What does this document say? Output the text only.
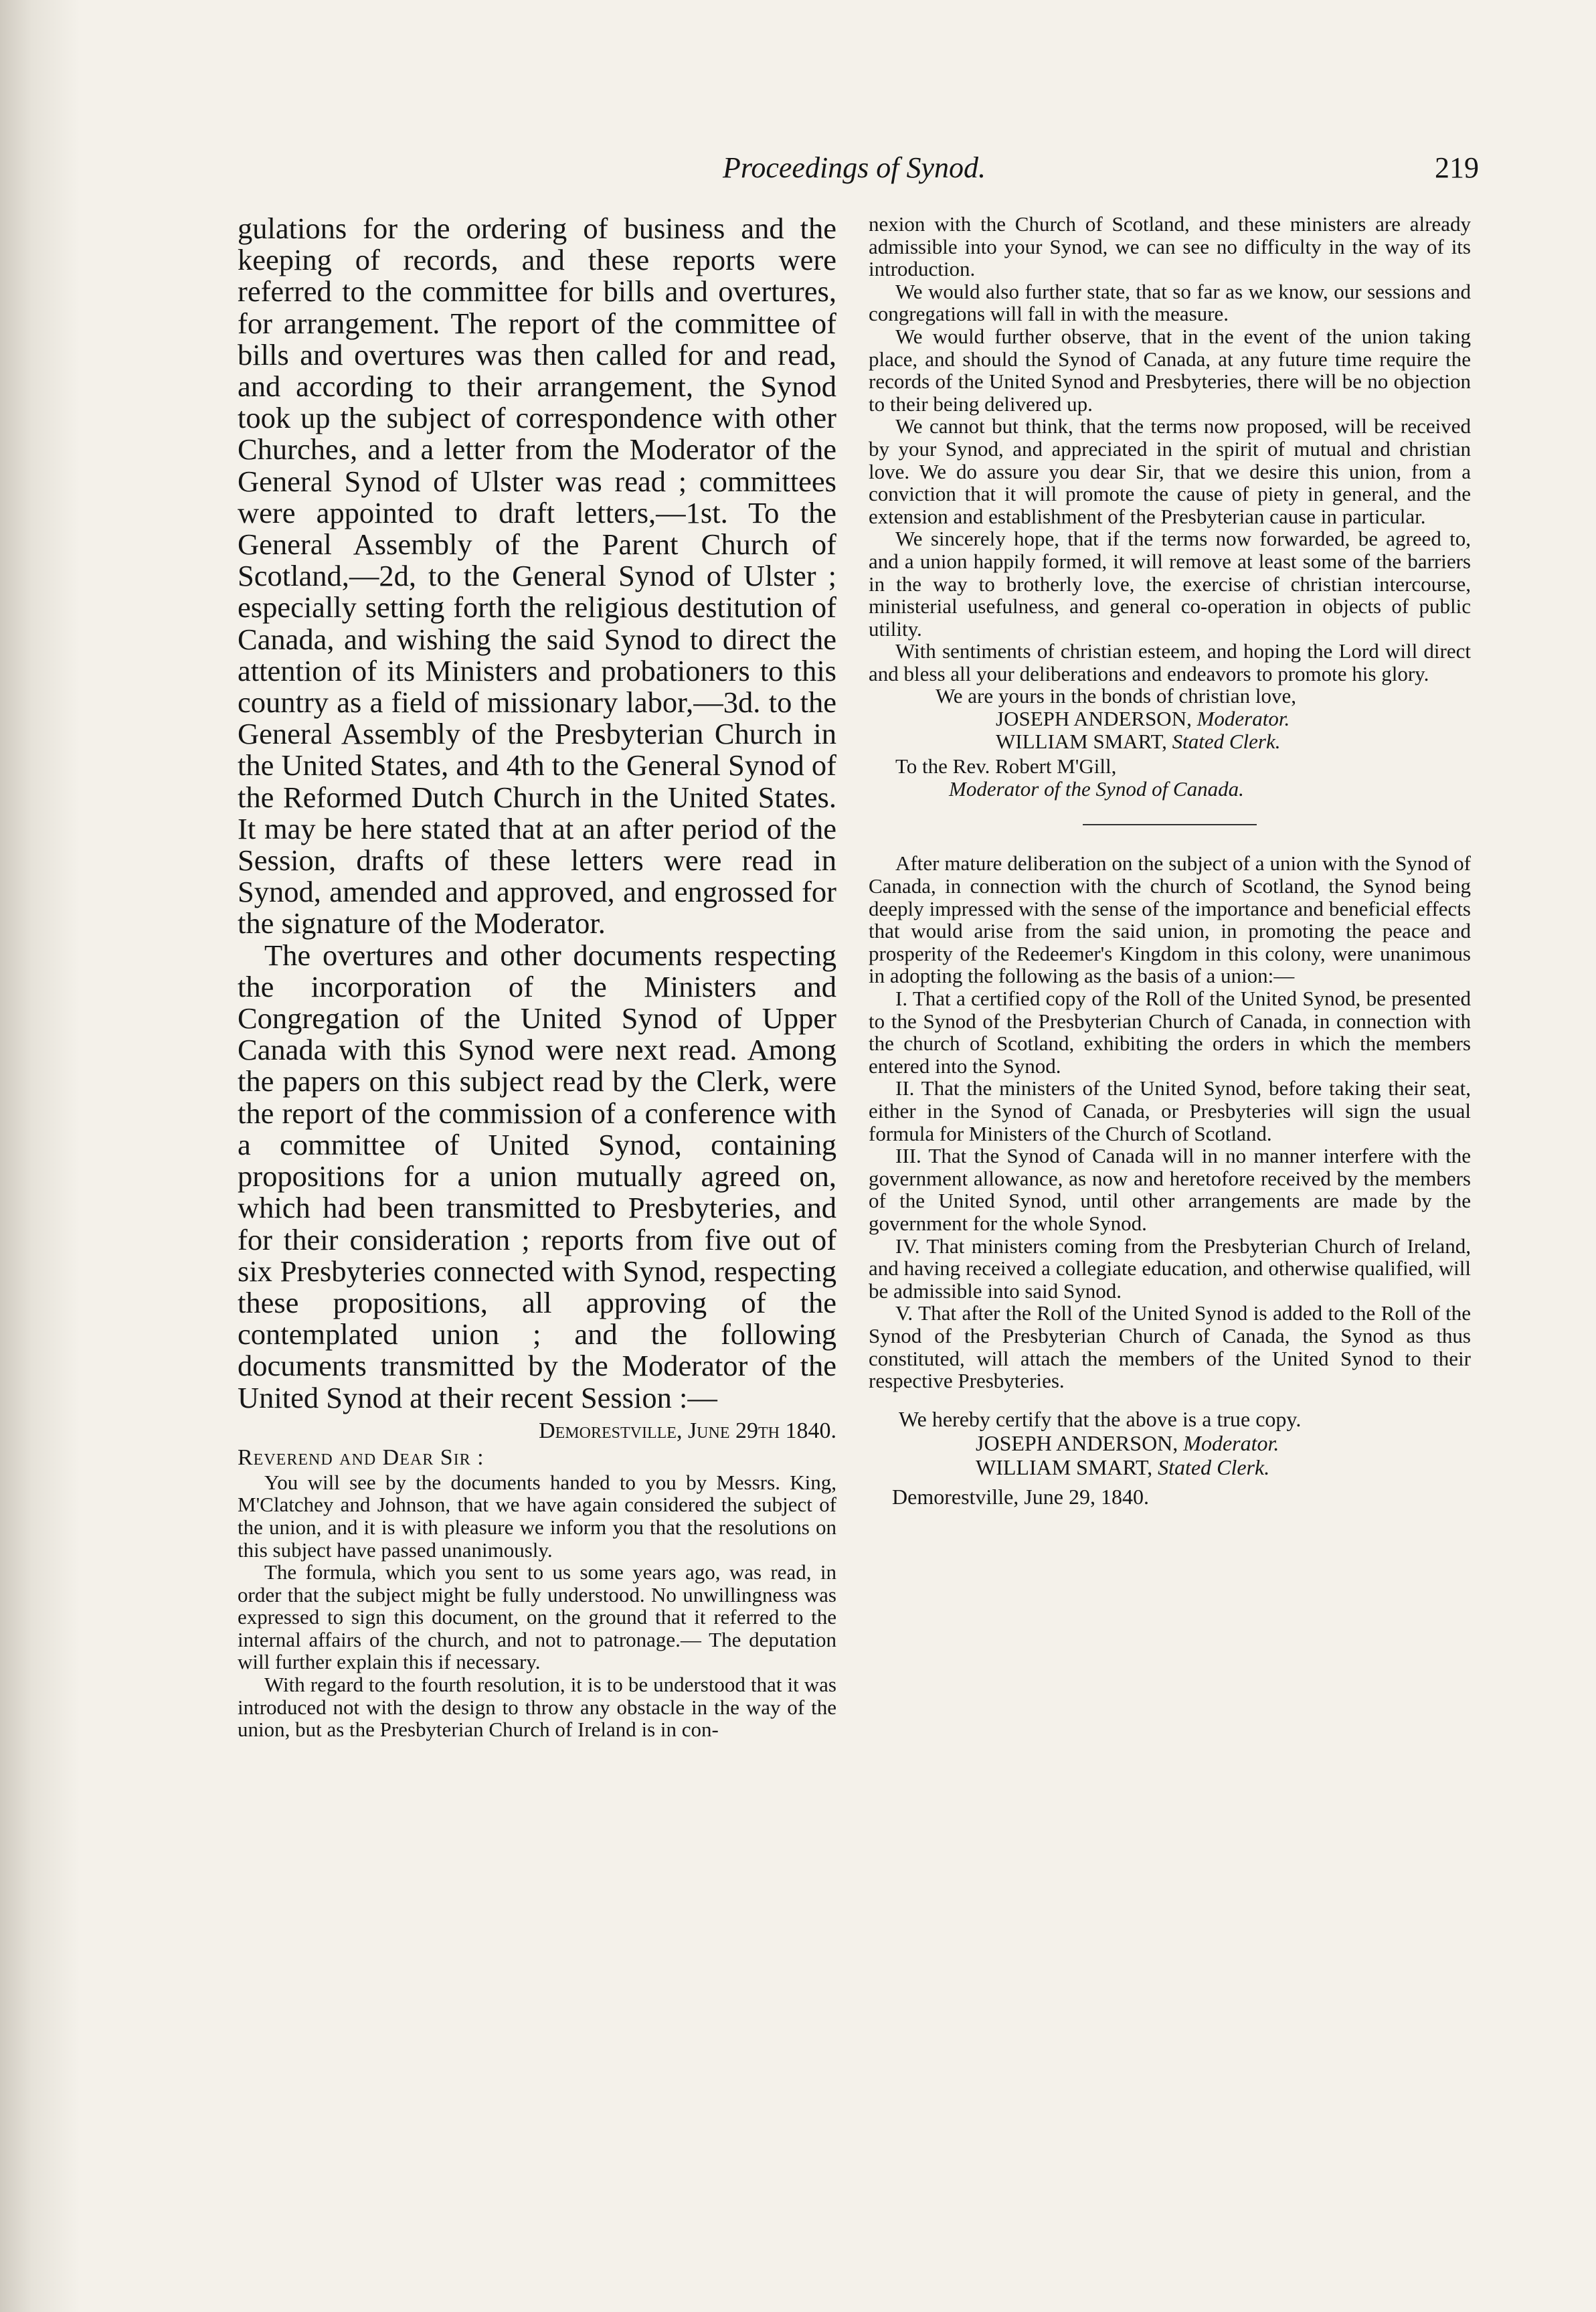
Proceedings of Synod.	219

gulations for the ordering of business and the keeping of records, and these reports were referred to the committee for bills and overtures, for arrangement. The report of the committee of bills and overtures was then called for and read, and according to their arrangement, the Synod took up the subject of correspondence with other Churches, and a letter from the Moderator of the General Synod of Ulster was read ; committees were appointed to draft letters,—1st. To the General Assembly of the Parent Church of Scotland,—2d, to the General Synod of Ulster ; especially setting forth the religious destitution of Canada, and wishing the said Synod to direct the attention of its Ministers and probationers to this country as a field of missionary labor,—3d. to the General Assembly of the Presbyterian Church in the United States, and 4th to the General Synod of the Reformed Dutch Church in the United States. It may be here stated that at an after period of the Session, drafts of these letters were read in Synod, amended and approved, and engrossed for the signature of the Moderator.

The overtures and other documents respecting the incorporation of the Ministers and Congregation of the United Synod of Upper Canada with this Synod were next read. Among the papers on this subject read by the Clerk, were the report of the commission of a conference with a committee of United Synod, containing propositions for a union mutually agreed on, which had been transmitted to Presbyteries, and for their consideration ; reports from five out of six Presbyteries connected with Synod, respecting these propositions, all approving of the contemplated union ; and the following documents transmitted by the Moderator of the United Synod at their recent Session :—

Demorestville, June 29th 1840.

Reverend and Dear Sir :

You will see by the documents handed to you by Messrs. King, M'Clatchey and Johnson, that we have again considered the subject of the union, and it is with pleasure we inform you that the resolutions on this subject have passed unanimously.

The formula, which you sent to us some years ago, was read, in order that the subject might be fully understood. No unwillingness was expressed to sign this document, on the ground that it referred to the internal affairs of the church, and not to patronage.— The deputation will further explain this if necessary.

With regard to the fourth resolution, it is to be understood that it was introduced not with the design to throw any obstacle in the way of the union, but as the Presbyterian Church of Ireland is in con-

nexion with the Church of Scotland, and these ministers are already admissible into your Synod, we can see no difficulty in the way of its introduction.

We would also further state, that so far as we know, our sessions and congregations will fall in with the measure.

We would further observe, that in the event of the union taking place, and should the Synod of Canada, at any future time require the records of the United Synod and Presbyteries, there will be no objection to their being delivered up.

We cannot but think, that the terms now proposed, will be received by your Synod, and appreciated in the spirit of mutual and christian love. We do assure you dear Sir, that we desire this union, from a conviction that it will promote the cause of piety in general, and the extension and establishment of the Presbyterian cause in particular.

We sincerely hope, that if the terms now forwarded, be agreed to, and a union happily formed, it will remove at least some of the barriers in the way to brotherly love, the exercise of christian intercourse, ministerial usefulness, and general co-operation in objects of public utility.

With sentiments of christian esteem, and hoping the Lord will direct and bless all your deliberations and endeavors to promote his glory.

We are yours in the bonds of christian love,

JOSEPH ANDERSON, Moderator.

WILLIAM SMART, Stated Clerk.

To the Rev. Robert M'Gill,

Moderator of the Synod of Canada.

After mature deliberation on the subject of a union with the Synod of Canada, in connection with the church of Scotland, the Synod being deeply impressed with the sense of the importance and beneficial effects that would arise from the said union, in promoting the peace and prosperity of the Redeemer's Kingdom in this colony, were unanimous in adopting the following as the basis of a union:—

I. That a certified copy of the Roll of the United Synod, be presented to the Synod of the Presbyterian Church of Canada, in connection with the church of Scotland, exhibiting the orders in which the members entered into the Synod.

II. That the ministers of the United Synod, before taking their seat, either in the Synod of Canada, or Presbyteries will sign the usual formula for Ministers of the Church of Scotland.

III. That the Synod of Canada will in no manner interfere with the government allowance, as now and heretofore received by the members of the United Synod, until other arrangements are made by the government for the whole Synod.

IV. That ministers coming from the Presbyterian Church of Ireland, and having received a collegiate education, and otherwise qualified, will be admissible into said Synod.

V. That after the Roll of the United Synod is added to the Roll of the Synod of the Presbyterian Church of Canada, the Synod as thus constituted, will attach the members of the United Synod to their respective Presbyteries.

We hereby certify that the above is a true copy.

JOSEPH ANDERSON, Moderator.

WILLIAM SMART, Stated Clerk.

Demorestville, June 29, 1840.
